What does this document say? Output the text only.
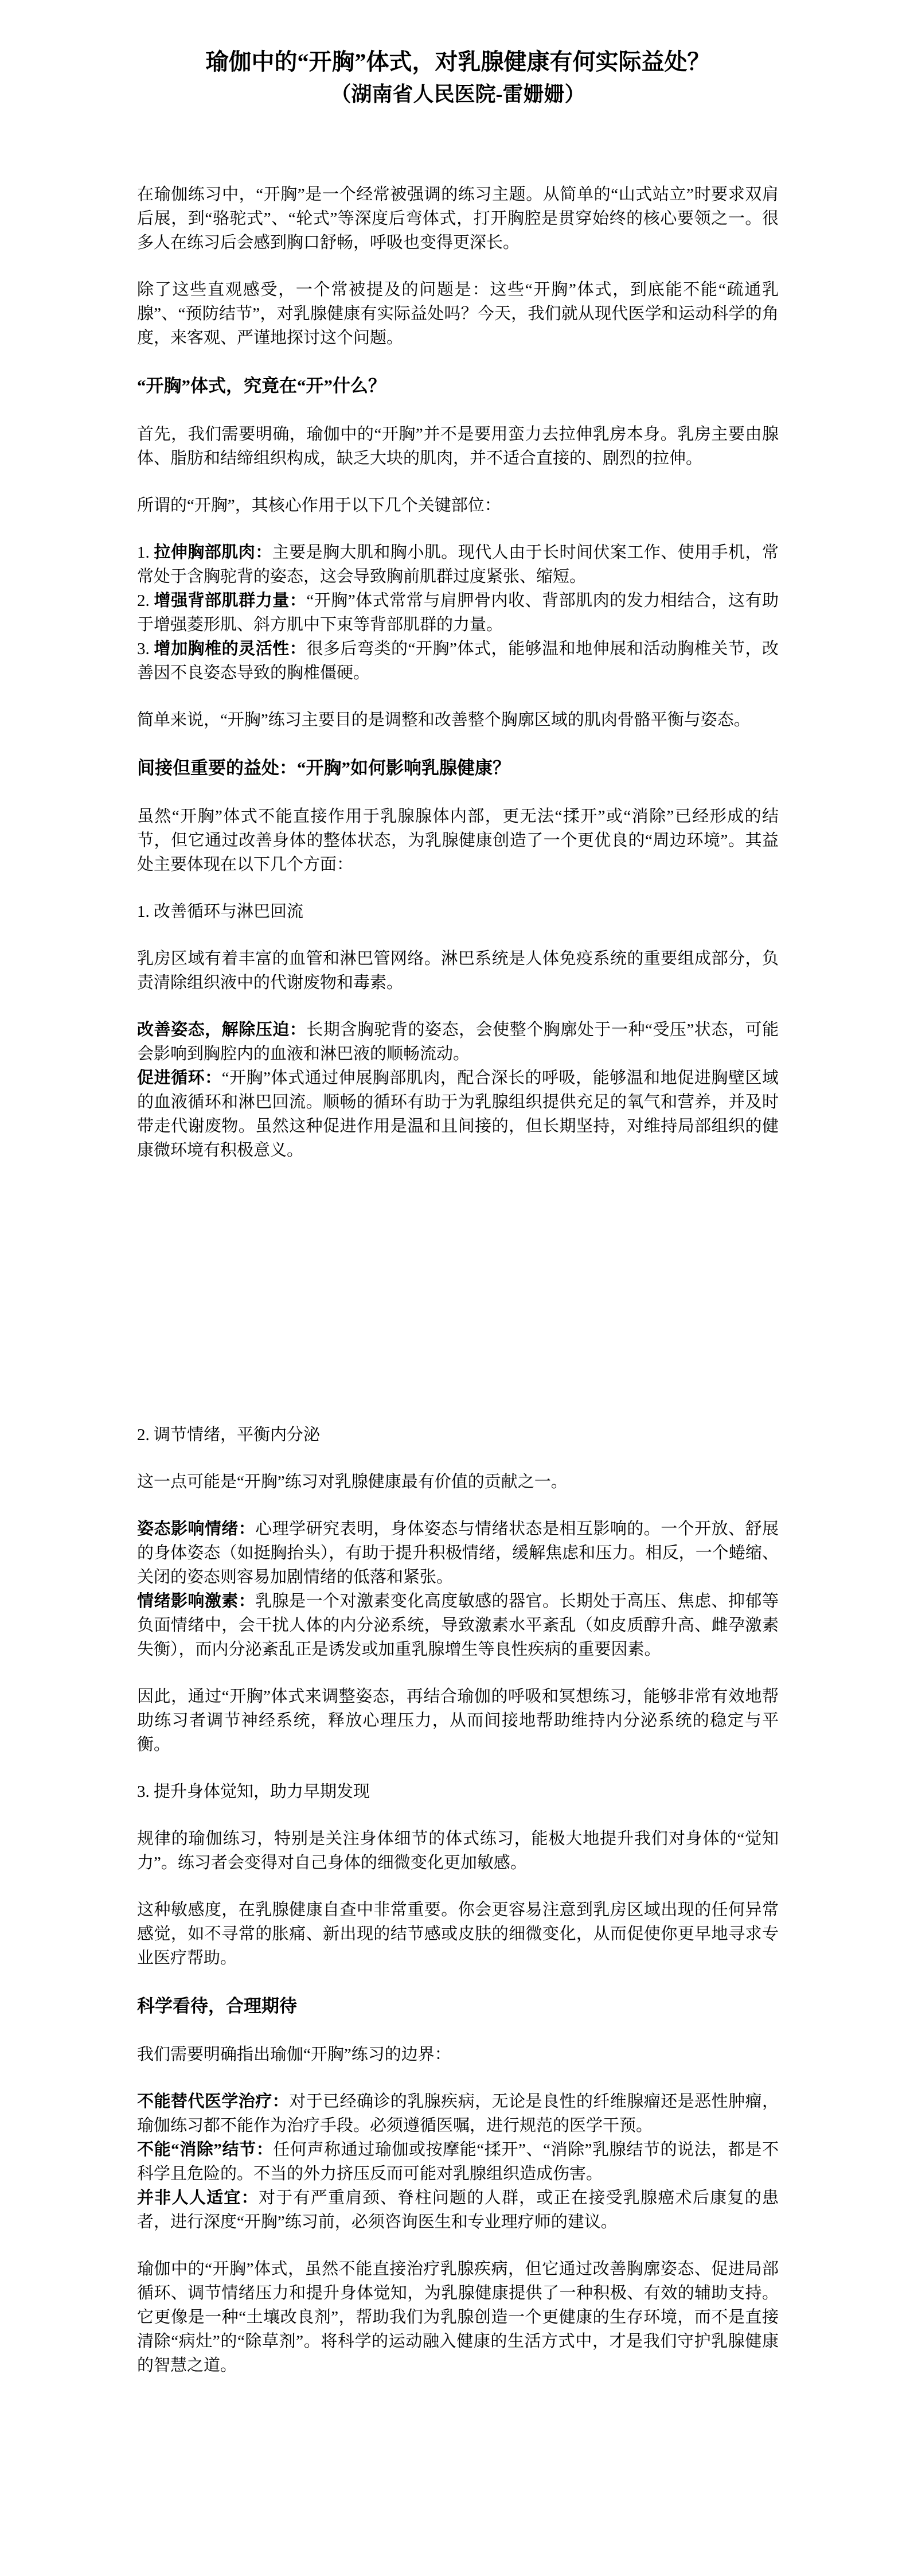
瑜伽中的“开胸”体式，对乳腺健康有何实际益处？
（湖南省人民医院-雷姗姗）

在瑜伽练习中，“开胸”是一个经常被强调的练习主题。从简单的“山式站立”时要求双肩后展，到“骆驼式”、“轮式”等深度后弯体式，打开胸腔是贯穿始终的核心要领之一。很多人在练习后会感到胸口舒畅，呼吸也变得更深长。

除了这些直观感受，一个常被提及的问题是：这些“开胸”体式，到底能不能“疏通乳腺”、“预防结节”，对乳腺健康有实际益处吗？今天，我们就从现代医学和运动科学的角度，来客观、严谨地探讨这个问题。

“开胸”体式，究竟在“开”什么？

首先，我们需要明确，瑜伽中的“开胸”并不是要用蛮力去拉伸乳房本身。乳房主要由腺体、脂肪和结缔组织构成，缺乏大块的肌肉，并不适合直接的、剧烈的拉伸。

所谓的“开胸”，其核心作用于以下几个关键部位：

1. 拉伸胸部肌肉：主要是胸大肌和胸小肌。现代人由于长时间伏案工作、使用手机，常常处于含胸驼背的姿态，这会导致胸前肌群过度紧张、缩短。

2. 增强背部肌群力量：“开胸”体式常常与肩胛骨内收、背部肌肉的发力相结合，这有助于增强菱形肌、斜方肌中下束等背部肌群的力量。

3. 增加胸椎的灵活性：很多后弯类的“开胸”体式，能够温和地伸展和活动胸椎关节，改善因不良姿态导致的胸椎僵硬。

简单来说，“开胸”练习主要目的是调整和改善整个胸廓区域的肌肉骨骼平衡与姿态。

间接但重要的益处：“开胸”如何影响乳腺健康？

虽然“开胸”体式不能直接作用于乳腺腺体内部，更无法“揉开”或“消除”已经形成的结节，但它通过改善身体的整体状态，为乳腺健康创造了一个更优良的“周边环境”。其益处主要体现在以下几个方面：

1. 改善循环与淋巴回流

乳房区域有着丰富的血管和淋巴管网络。淋巴系统是人体免疫系统的重要组成部分，负责清除组织液中的代谢废物和毒素。

改善姿态，解除压迫：长期含胸驼背的姿态，会使整个胸廓处于一种“受压”状态，可能会影响到胸腔内的血液和淋巴液的顺畅流动。

促进循环：“开胸”体式通过伸展胸部肌肉，配合深长的呼吸，能够温和地促进胸壁区域的血液循环和淋巴回流。顺畅的循环有助于为乳腺组织提供充足的氧气和营养，并及时带走代谢废物。虽然这种促进作用是温和且间接的，但长期坚持，对维持局部组织的健康微环境有积极意义。

2. 调节情绪，平衡内分泌

这一点可能是“开胸”练习对乳腺健康最有价值的贡献之一。

姿态影响情绪：心理学研究表明，身体姿态与情绪状态是相互影响的。一个开放、舒展的身体姿态（如挺胸抬头），有助于提升积极情绪，缓解焦虑和压力。相反，一个蜷缩、关闭的姿态则容易加剧情绪的低落和紧张。

情绪影响激素：乳腺是一个对激素变化高度敏感的器官。长期处于高压、焦虑、抑郁等负面情绪中，会干扰人体的内分泌系统，导致激素水平紊乱（如皮质醇升高、雌孕激素失衡），而内分泌紊乱正是诱发或加重乳腺增生等良性疾病的重要因素。

因此，通过“开胸”体式来调整姿态，再结合瑜伽的呼吸和冥想练习，能够非常有效地帮助练习者调节神经系统，释放心理压力，从而间接地帮助维持内分泌系统的稳定与平衡。

3. 提升身体觉知，助力早期发现

规律的瑜伽练习，特别是关注身体细节的体式练习，能极大地提升我们对身体的“觉知力”。练习者会变得对自己身体的细微变化更加敏感。

这种敏感度，在乳腺健康自查中非常重要。你会更容易注意到乳房区域出现的任何异常感觉，如不寻常的胀痛、新出现的结节感或皮肤的细微变化，从而促使你更早地寻求专业医疗帮助。

科学看待，合理期待

我们需要明确指出瑜伽“开胸”练习的边界：

不能替代医学治疗：对于已经确诊的乳腺疾病，无论是良性的纤维腺瘤还是恶性肿瘤，瑜伽练习都不能作为治疗手段。必须遵循医嘱，进行规范的医学干预。

不能“消除”结节：任何声称通过瑜伽或按摩能“揉开”、“消除”乳腺结节的说法，都是不科学且危险的。不当的外力挤压反而可能对乳腺组织造成伤害。

并非人人适宜：对于有严重肩颈、脊柱问题的人群，或正在接受乳腺癌术后康复的患者，进行深度“开胸”练习前，必须咨询医生和专业理疗师的建议。

瑜伽中的“开胸”体式，虽然不能直接治疗乳腺疾病，但它通过改善胸廓姿态、促进局部循环、调节情绪压力和提升身体觉知，为乳腺健康提供了一种积极、有效的辅助支持。它更像是一种“土壤改良剂”，帮助我们为乳腺创造一个更健康的生存环境，而不是直接清除“病灶”的“除草剂”。将科学的运动融入健康的生活方式中，才是我们守护乳腺健康的智慧之道。
